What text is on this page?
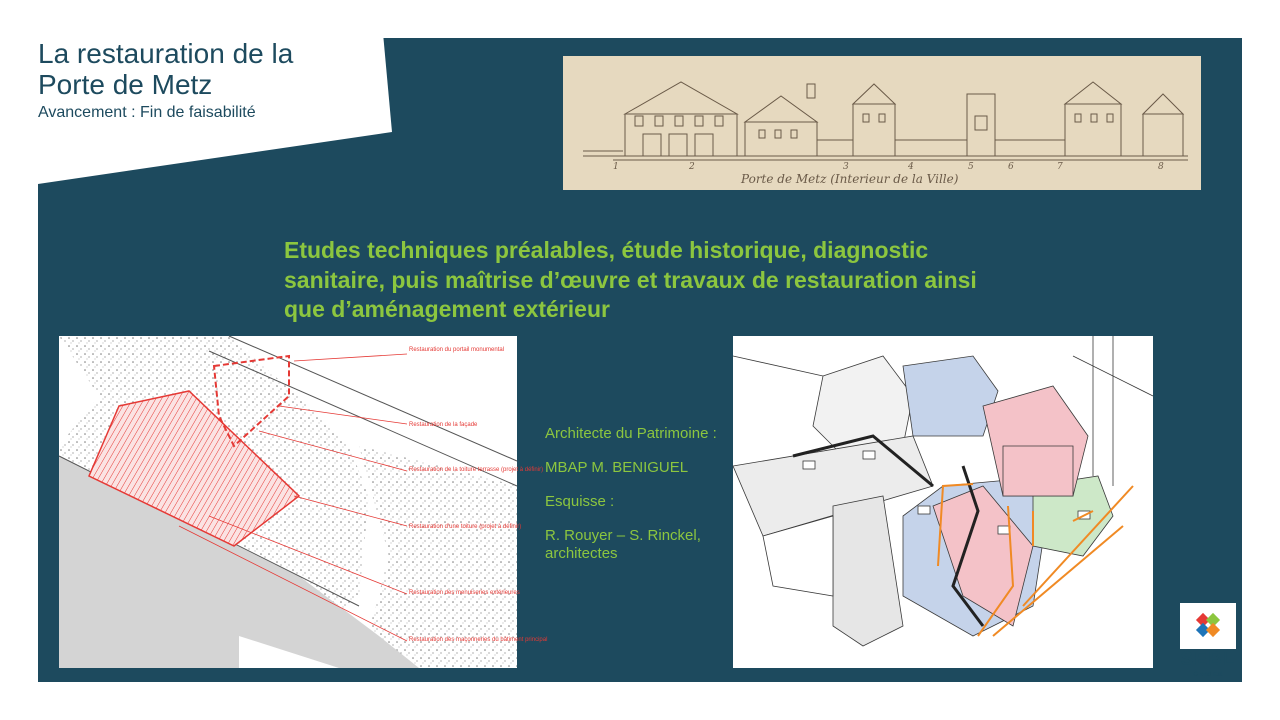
La restauration de la
Porte de Metz
Avancement : Fin de faisabilité
1	2	3	4	5	6	7	8
Porte de Metz (Interieur de la Ville)

Etudes techniques préalables, étude historique, diagnostic sanitaire, puis maîtrise d’œuvre et travaux de restauration ainsi que d’aménagement extérieur

Restauration du portail monumental
Restauration de la façade
Restauration de la toiture terrasse (projet à définir)
Restauration d'une toiture (projet à définir)
Restauration des menuiseries extérieures
Restauration des maçonneries du bâtiment principal

Architecte du Patrimoine :

MBAP M. BENIGUEL

Esquisse :

R. Rouyer – S. Rinckel, architectes

SEBL
Grand Est
